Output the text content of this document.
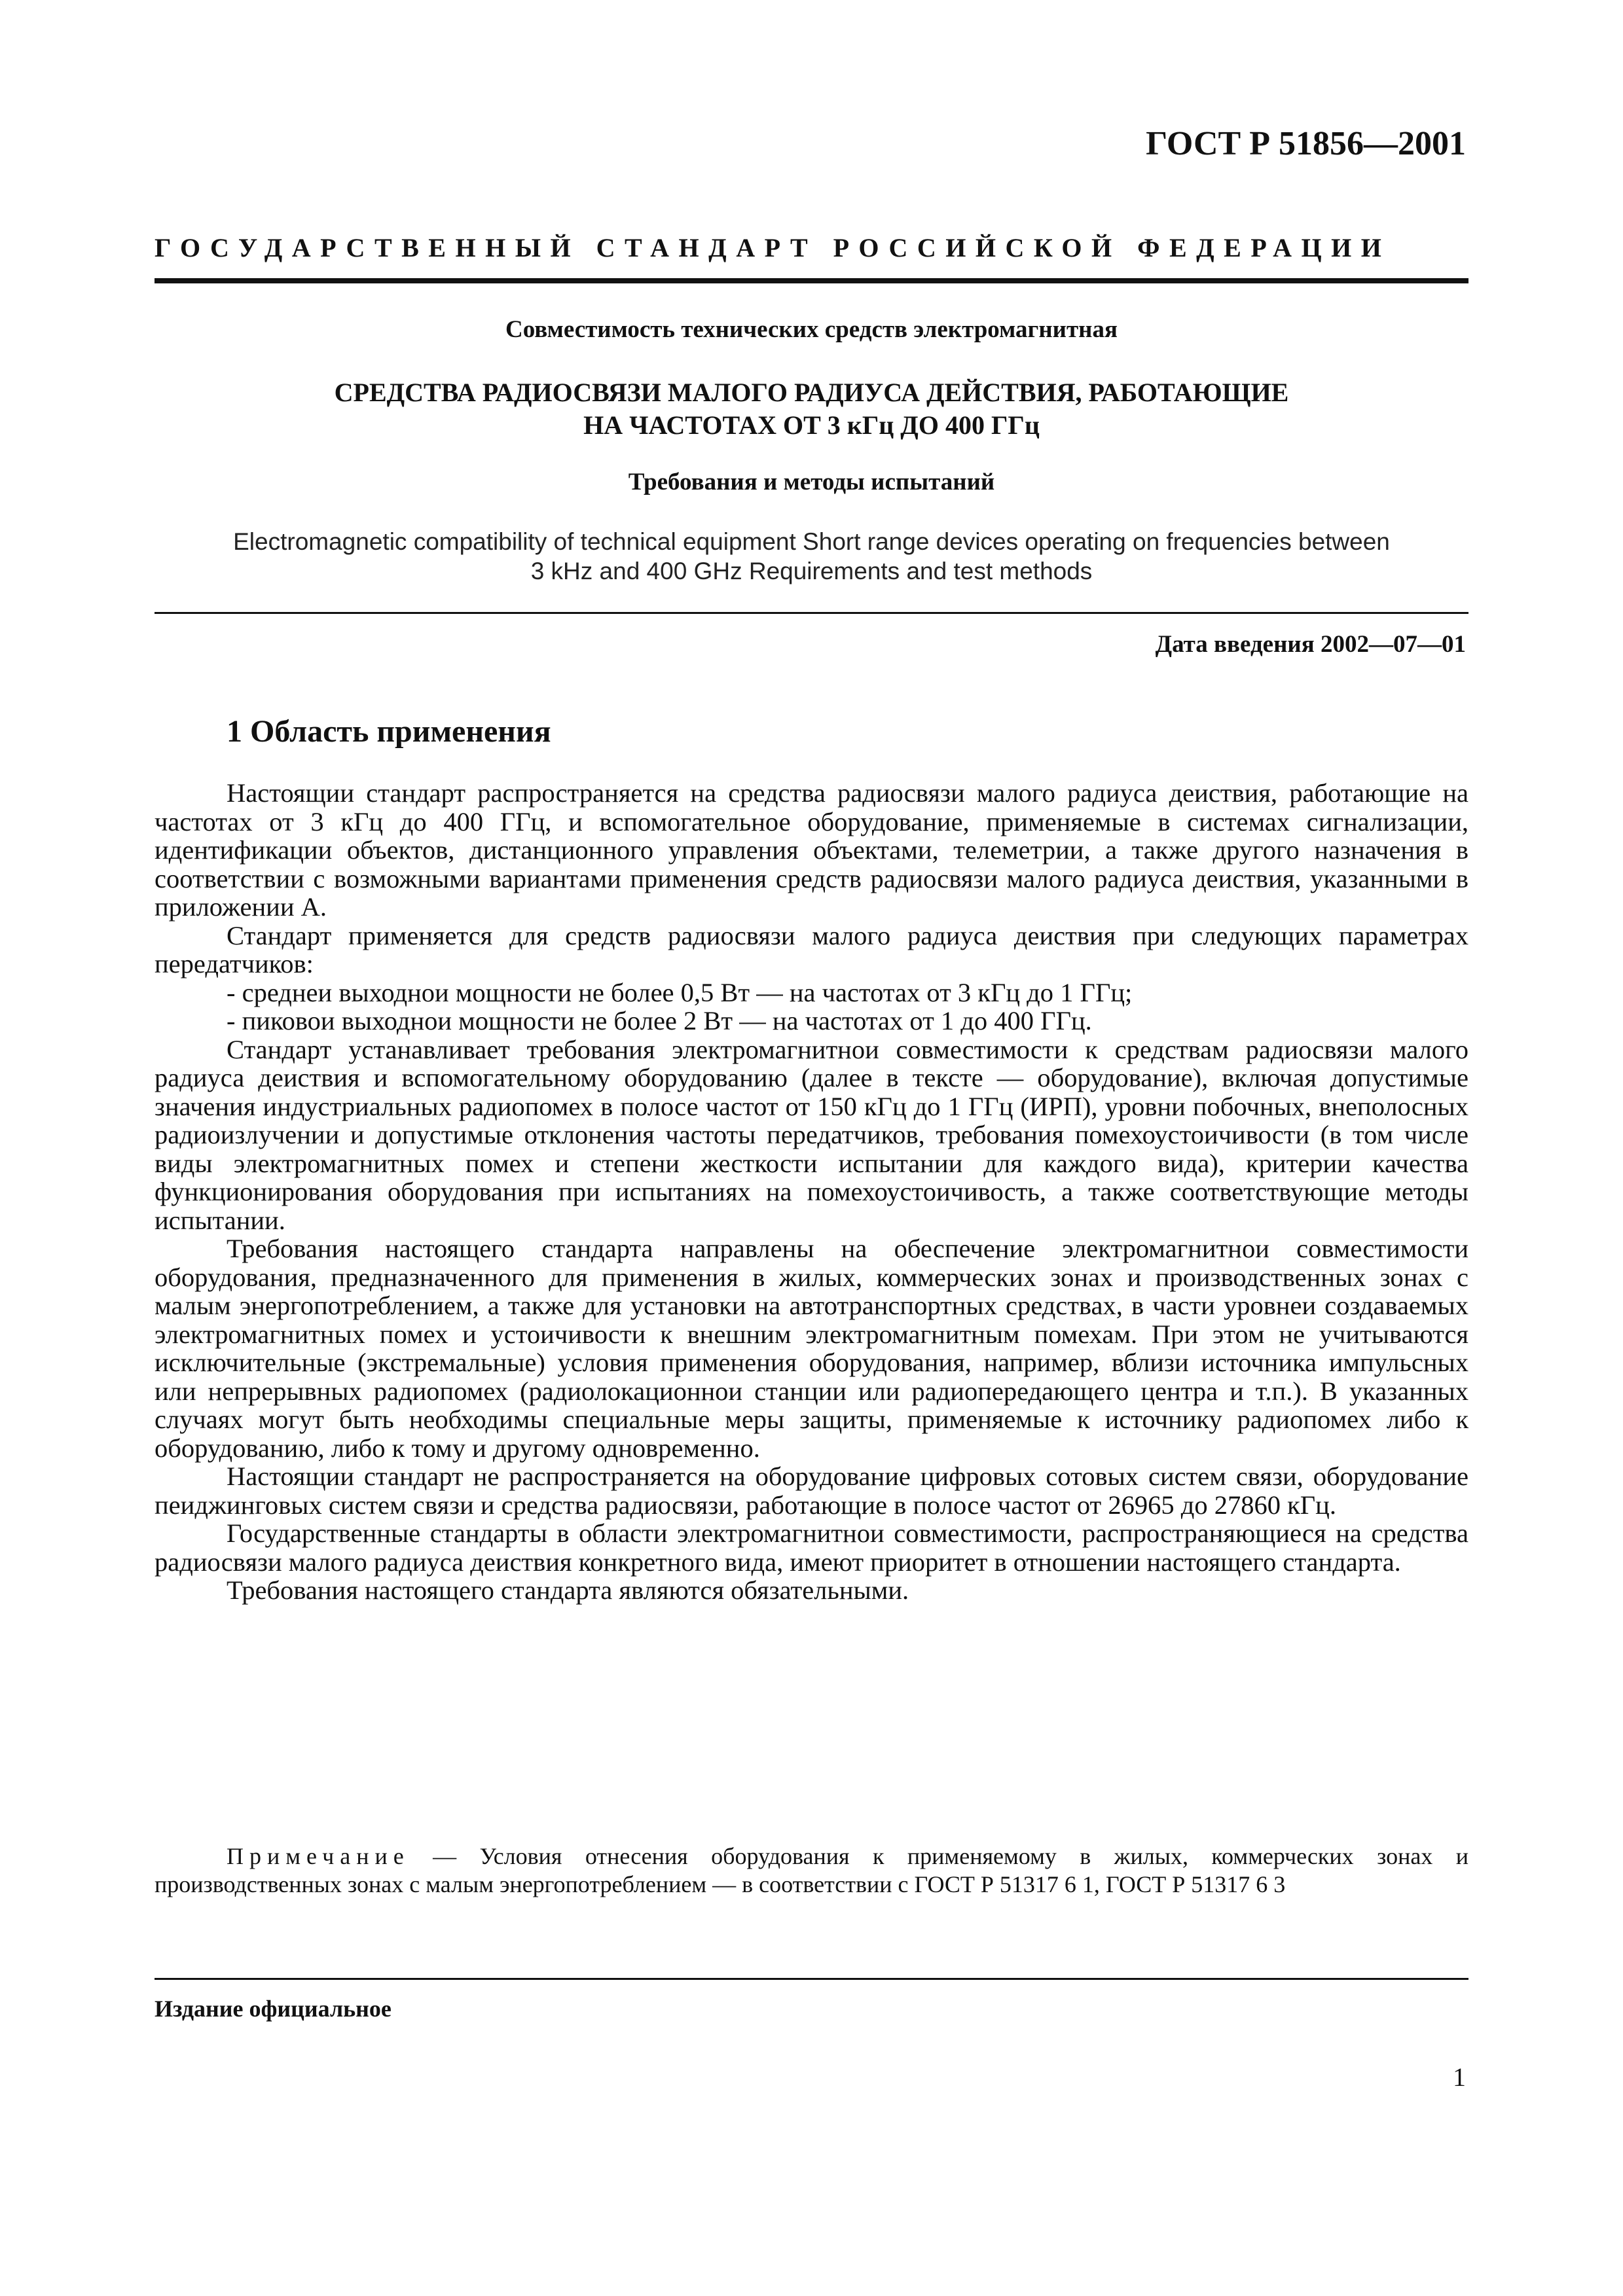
ГОСТ Р 51856—2001
ГОСУДАРСТВЕННЫЙ СТАНДАРТ РОССИЙСКОЙ ФЕДЕРАЦИИ
Совместимость технических средств электромагнитная
СРЕДСТВА РАДИОСВЯЗИ МАЛОГО РАДИУСА ДЕЙСТВИЯ, РАБОТАЮЩИЕ
НА ЧАСТОТАХ ОТ 3 кГц ДО 400 ГГц
Требования и методы испытаний
Electromagnetic compatibility of technical equipment Short range devices operating on frequencies between
3 kHz and 400 GHz Requirements and test methods
Дата введения 2002—07—01
1 Область применения

Настоящии стандарт распространяется на средства радиосвязи малого радиуса деиствия, работающие на частотах от 3 кГц до 400 ГГц, и вспомогательное оборудование, применяемые в системах сигнализации, идентификации объектов, дистанционного управления объектами, телеметрии, а также другого назначения в соответствии с возможными вариантами применения средств радиосвязи малого радиуса деиствия, указанными в приложении А.

Стандарт применяется для средств радиосвязи малого радиуса деиствия при следующих параметрах передатчиков:

- среднеи выходнои мощности не более 0,5 Вт — на частотах от 3 кГц до 1 ГГц;

- пиковои выходнои мощности не более 2 Вт — на частотах от 1 до 400 ГГц.

Стандарт устанавливает требования электромагнитнои совместимости к средствам радиосвязи малого радиуса деиствия и вспомогательному оборудованию (далее в тексте — оборудование), включая допустимые значения индустриальных радиопомех в полосе частот от 150 кГц до 1 ГГц (ИРП), уровни побочных, внеполосных радиоизлучении и допустимые отклонения частоты передатчиков, требования помехоустоичивости (в том числе виды электромагнитных помех и степени жесткости испытании для каждого вида), критерии качества функционирования оборудования при испытаниях на помехоустоичивость, а также соответствующие методы испытании.

Требования настоящего стандарта направлены на обеспечение электромагнитнои совместимости оборудования, предназначенного для применения в жилых, коммерческих зонах и производственных зонах с малым энергопотреблением, а также для установки на автотранспортных средствах, в части уровнеи создаваемых электромагнитных помех и устоичивости к внешним электромагнитным помехам. При этом не учитываются исключительные (экстремальные) условия применения оборудования, например, вблизи источника импульсных или непрерывных радиопомех (радиолокационнои станции или радиопередающего центра и т.п.). В указанных случаях могут быть необходимы специальные меры защиты, применяемые к источнику радиопомех либо к оборудованию, либо к тому и другому одновременно.

Настоящии стандарт не распространяется на оборудование цифровых сотовых систем связи, оборудование пеиджинговых систем связи и средства радиосвязи, работающие в полосе частот от 26965 до 27860 кГц.

Государственные стандарты в области электромагнитнои совместимости, распространяющиеся на средства радиосвязи малого радиуса деиствия конкретного вида, имеют приоритет в отношении настоящего стандарта.

Требования настоящего стандарта являются обязательными.

Примечание — Условия отнесения оборудования к применяемому в жилых, коммерческих зонах и производственных зонах с малым энергопотреблением — в соответствии с ГОСТ Р 51317 6 1, ГОСТ Р 51317 6 3
Издание официальное
1
